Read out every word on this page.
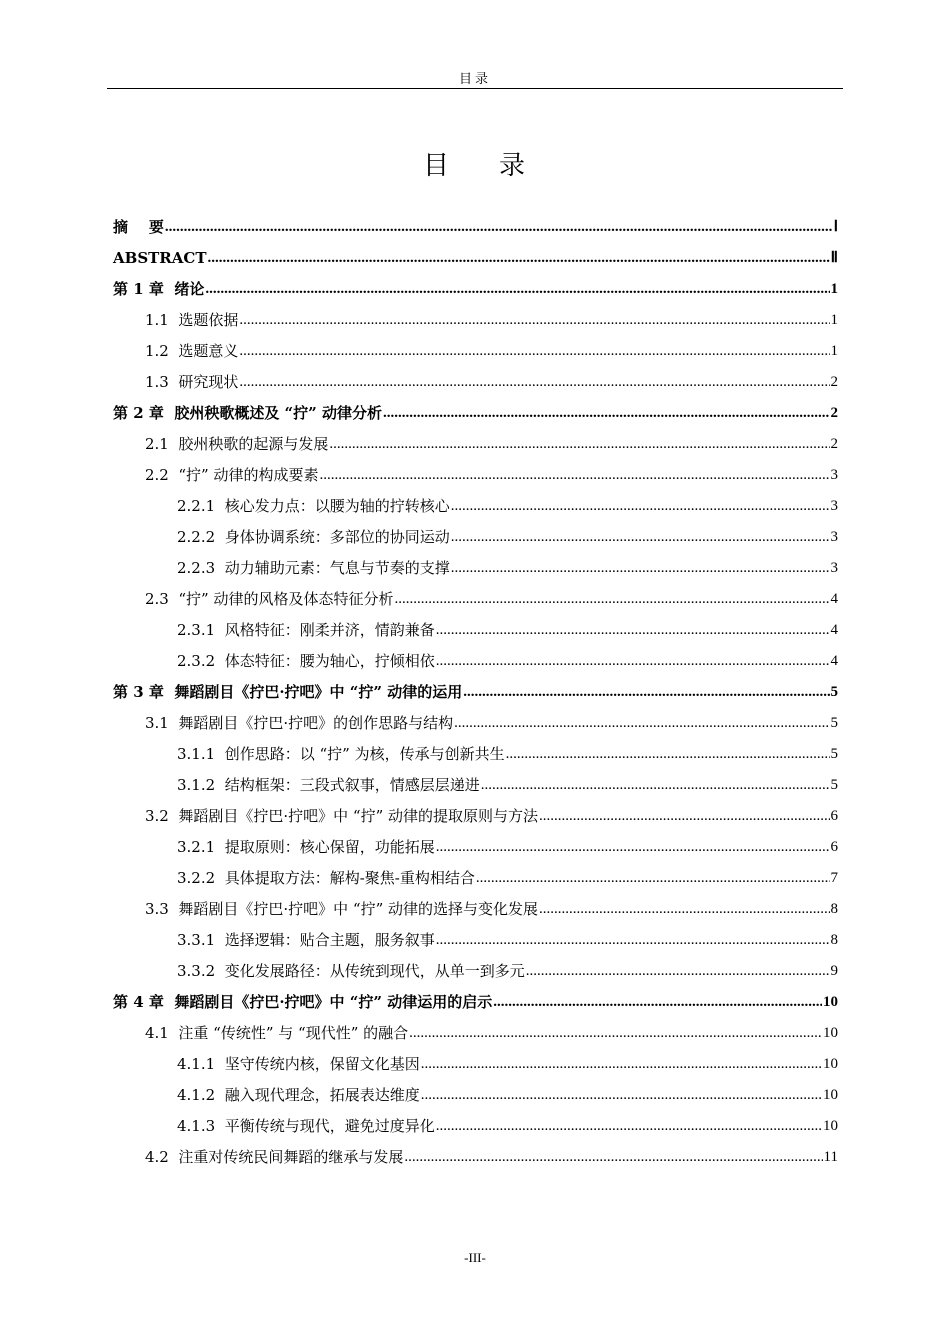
目录
目 录
摘    要 .....	Ⅰ
ABSTRACT .....	Ⅱ
第 1 章  绪论 .....	1
1.1  选题依据 .....	1
1.2  选题意义 .....	1
1.3  研究现状 .....	2
第 2 章  胶州秧歌概述及 “拧” 动律分析 .....	2
2.1  胶州秧歌的起源与发展 .....	2
2.2  “拧” 动律的构成要素 .....	3
2.2.1  核心发力点：以腰为轴的拧转核心 .....	3
2.2.2  身体协调系统：多部位的协同运动 .....	3
2.2.3  动力辅助元素：气息与节奏的支撑 .....	3
2.3  “拧” 动律的风格及体态特征分析 .....	4
2.3.1  风格特征：刚柔并济，情韵兼备 .....	4
2.3.2  体态特征：腰为轴心，拧倾相依 .....	4
第 3 章  舞蹈剧目《拧巴·拧吧》中 “拧” 动律的运用 .....	5
3.1  舞蹈剧目《拧巴·拧吧》的创作思路与结构 .....	5
3.1.1  创作思路：以 “拧” 为核，传承与创新共生 .....	5
3.1.2  结构框架：三段式叙事，情感层层递进 .....	5
3.2  舞蹈剧目《拧巴·拧吧》中 “拧” 动律的提取原则与方法 .....	6
3.2.1  提取原则：核心保留，功能拓展 .....	6
3.2.2  具体提取方法：解构-聚焦-重构相结合 .....	7
3.3  舞蹈剧目《拧巴·拧吧》中 “拧” 动律的选择与变化发展 .....	8
3.3.1  选择逻辑：贴合主题，服务叙事 .....	8
3.3.2  变化发展路径：从传统到现代，从单一到多元 .....	9
第 4 章  舞蹈剧目《拧巴·拧吧》中 “拧” 动律运用的启示 .....	10
4.1  注重 “传统性” 与 “现代性” 的融合 .....	10
4.1.1  坚守传统内核，保留文化基因 .....	10
4.1.2  融入现代理念，拓展表达维度 .....	10
4.1.3  平衡传统与现代，避免过度异化 .....	10
4.2  注重对传统民间舞蹈的继承与发展 .....	11
-III-
